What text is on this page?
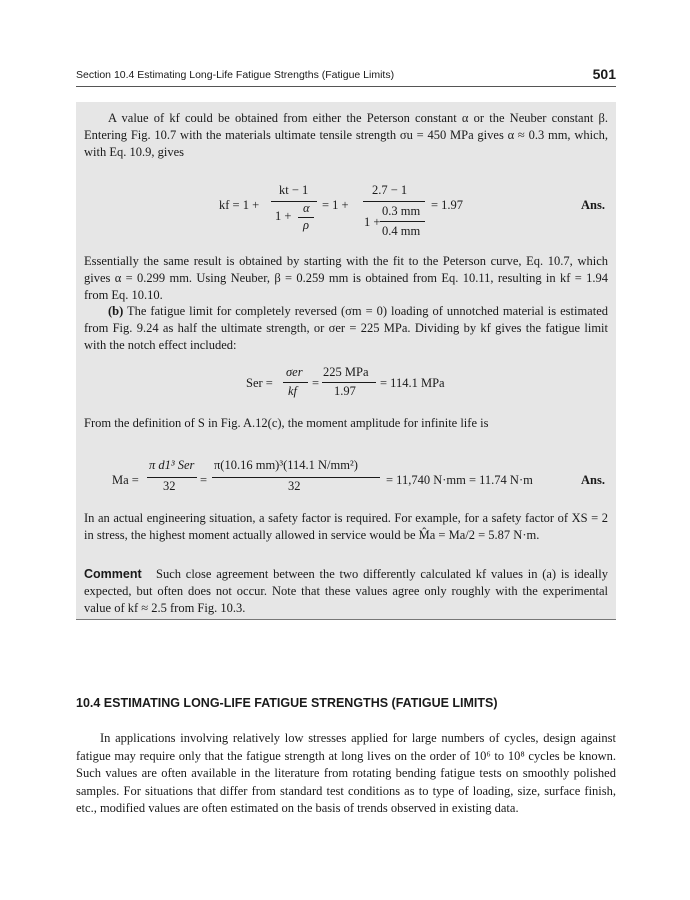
Section 10.4 Estimating Long-Life Fatigue Strengths (Fatigue Limits)	501

A value of kf could be obtained from either the Peterson constant α or the Neuber constant β. Entering Fig. 10.7 with the materials ultimate tensile strength σu = 450 MPa gives α ≈ 0.3 mm, which, with Eq. 10.9, gives

kf = 1 +
kt − 1
α
1 +
ρ
= 1 +
2.7 − 1
1 +
0.3 mm
0.4 mm
= 1.97	Ans.

Essentially the same result is obtained by starting with the fit to the Peterson curve, Eq. 10.7, which gives α = 0.299 mm. Using Neuber, β = 0.259 mm is obtained from Eq. 10.11, resulting in kf = 1.94 from Eq. 10.10.

(b) The fatigue limit for completely reversed (σm = 0) loading of unnotched material is estimated from Fig. 9.24 as half the ultimate strength, or σer = 225 MPa. Dividing by kf gives the fatigue limit with the notch effect included:

Ser =
σer
kf
=
225 MPa
1.97
= 114.1 MPa

From the definition of S in Fig. A.12(c), the moment amplitude for infinite life is

Ma =
π d1³ Ser
32 =
π(10.16 mm)³(114.1 N/mm²)
32	= 11,740 N·mm = 11.74 N·m	Ans.

In an actual engineering situation, a safety factor is required. For example, for a safety factor of XS = 2 in stress, the highest moment actually allowed in service would be M̂a = Ma/2 = 5.87 N·m.

Comment Such close agreement between the two differently calculated kf values in (a) is ideally expected, but often does not occur. Note that these values agree only roughly with the experimental value of kf ≈ 2.5 from Fig. 10.3.

10.4 ESTIMATING LONG-LIFE FATIGUE STRENGTHS (FATIGUE LIMITS)

In applications involving relatively low stresses applied for large numbers of cycles, design against fatigue may require only that the fatigue strength at long lives on the order of 10⁶ to 10⁸ cycles be known. Such values are often available in the literature from rotating bending fatigue tests on smoothly polished samples. For situations that differ from standard test conditions as to type of loading, size, surface finish, etc., modified values are often estimated on the basis of trends observed in existing data.
